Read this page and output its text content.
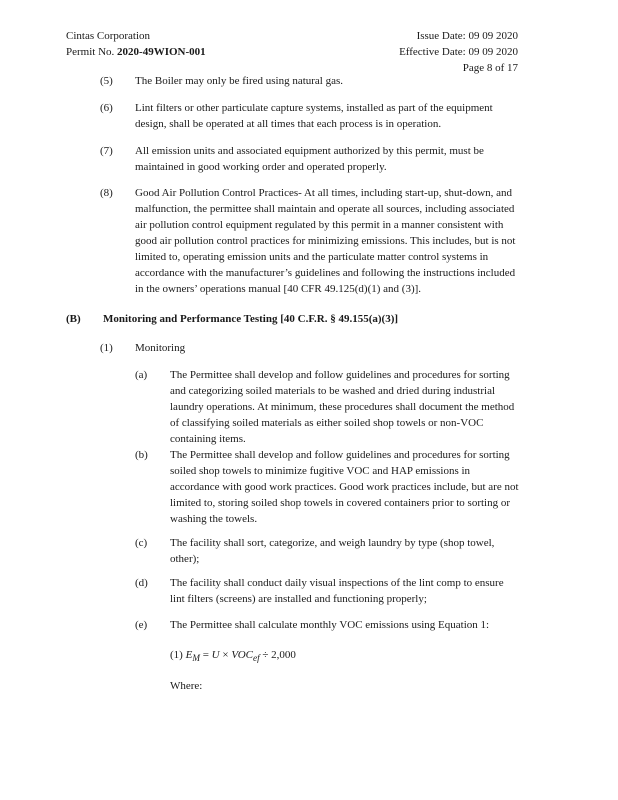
Cintas Corporation
Permit No. 2020-49WION-001
Issue Date: 09 09 2020
Effective Date: 09 09 2020
Page 8 of 17
(5) The Boiler may only be fired using natural gas.
(6) Lint filters or other particulate capture systems, installed as part of the equipment design, shall be operated at all times that each process is in operation.
(7) All emission units and associated equipment authorized by this permit, must be maintained in good working order and operated properly.
(8) Good Air Pollution Control Practices- At all times, including start-up, shut-down, and malfunction, the permittee shall maintain and operate all sources, including associated air pollution control equipment regulated by this permit in a manner consistent with good air pollution control practices for minimizing emissions. This includes, but is not limited to, operating emission units and the particulate matter control systems in accordance with the manufacturer’s guidelines and following the instructions included in the owners’ operations manual [40 CFR 49.125(d)(1) and (3)].
(B) Monitoring and Performance Testing [40 C.F.R. § 49.155(a)(3)]
(1) Monitoring
(a) The Permittee shall develop and follow guidelines and procedures for sorting and categorizing soiled materials to be washed and dried during industrial laundry operations. At minimum, these procedures shall document the method of classifying soiled materials as either soiled shop towels or non-VOC containing items.
(b) The Permittee shall develop and follow guidelines and procedures for sorting soiled shop towels to minimize fugitive VOC and HAP emissions in accordance with good work practices. Good work practices include, but are not limited to, storing soiled shop towels in covered containers prior to sorting or washing the towels.
(c) The facility shall sort, categorize, and weigh laundry by type (shop towel, other);
(d) The facility shall conduct daily visual inspections of the lint comp to ensure lint filters (screens) are installed and functioning properly;
(e) The Permittee shall calculate monthly VOC emissions using Equation 1:
(1) $E_M = U \times VOC_{ef} \div 2,000$
Where:
